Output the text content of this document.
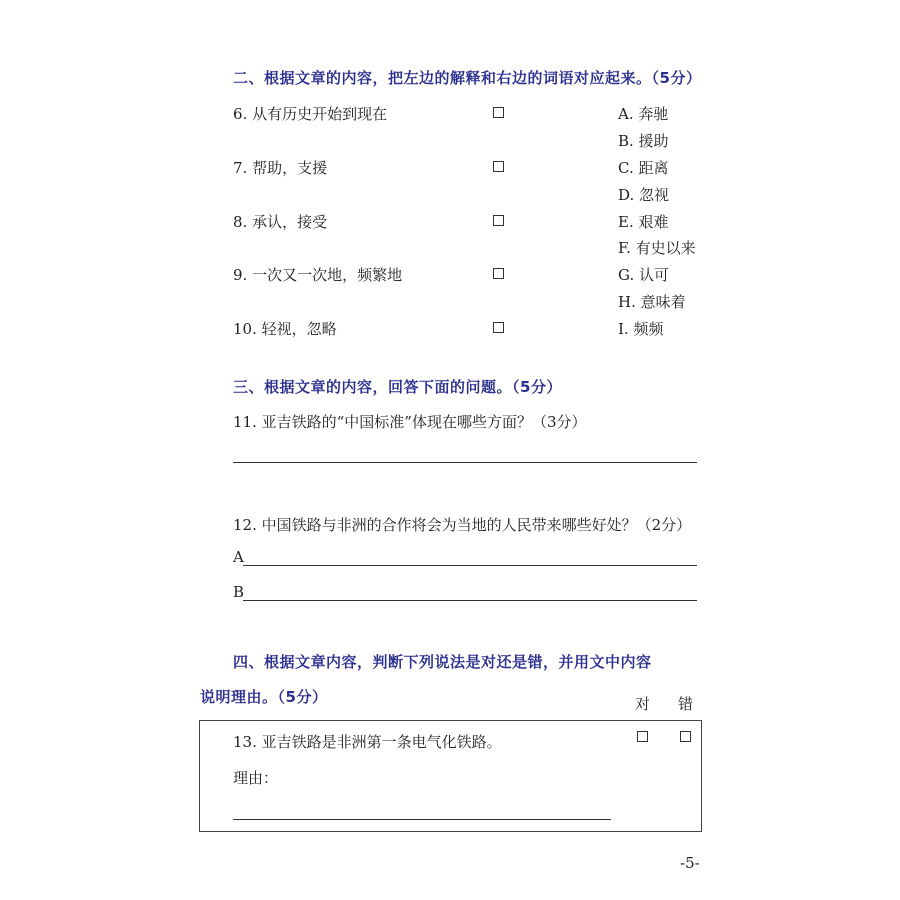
二、根据文章的内容，把左边的解释和右边的词语对应起来。（5分）
6. 从有历史开始到现在
7. 帮助，支援
8. 承认，接受
9. 一次又一次地，频繁地
10. 轻视，忽略
A. 奔驰
B. 援助
C. 距离
D. 忽视
E. 艰难
F. 有史以来
G. 认可
H. 意味着
I. 频频
三、根据文章的内容，回答下面的问题。（5分）
11. 亚吉铁路的“中国标准”体现在哪些方面？（3分）
12. 中国铁路与非洲的合作将会为当地的人民带来哪些好处？（2分）
A
B
四、根据文章内容，判断下列说法是对还是错，并用文中内容
说明理由。（5分）	对 错
13. 亚吉铁路是非洲第一条电气化铁路。
理由：
-5-
